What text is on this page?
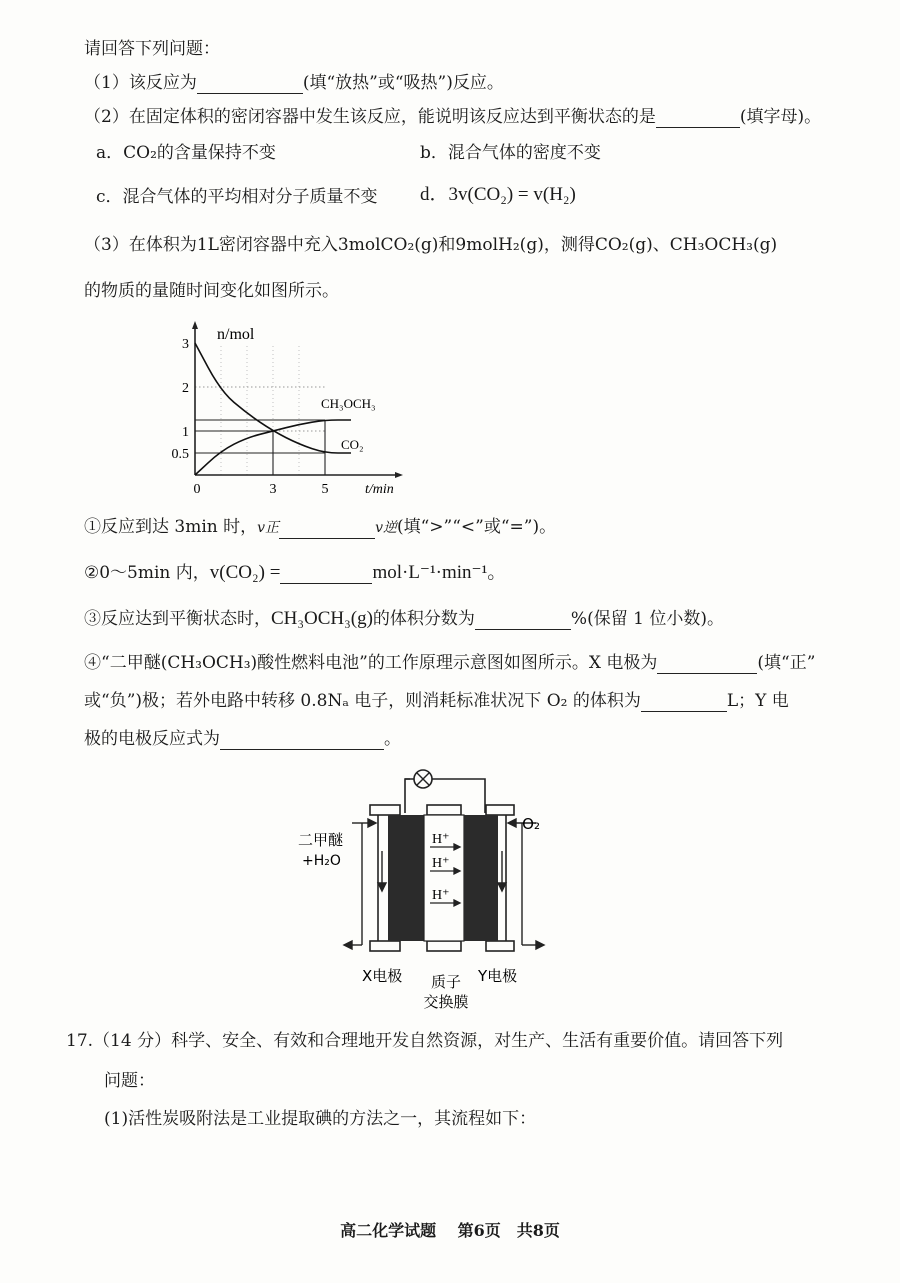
请回答下列问题：
（1）该反应为	(填“放热”或“吸热”)反应。
（2）在固定体积的密闭容器中发生该反应，能说明该反应达到平衡状态的是	(填字母)。
a．CO₂的含量保持不变	b．混合气体的密度不变
c．混合气体的平均相对分子质量不变 d．3v(CO₂) = v(H₂)
（3）在体积为1L密闭容器中充入3molCO₂(g)和9molH₂(g)，测得CO₂(g)、CH₃OCH₃(g)
的物质的量随时间变化如图所示。
CH₃OCH₃
CO₂
3
2
1
0.5
0	3	5
n/mol
t/min
①反应到达 3min 时，v正	v逆(填“>”“<”或“=”)。
②0～5min 内，v(CO₂) =	mol·L⁻¹·min⁻¹。
③反应达到平衡状态时，CH₃OCH₃(g)的体积分数为	%(保留 1 位小数)。
④“二甲醚(CH₃OCH₃)酸性燃料电池”的工作原理示意图如图所示。X 电极为	(填“正”
或“负”)极；若外电路中转移 0.8Nₐ 电子，则消耗标准状况下 O₂ 的体积为	L；Y 电
极的电极反应式为	。
H⁺
H⁺
H⁺
二甲醚
+H₂O
O₂
X电极 质子
交换膜
Y电极
17.（14 分）科学、安全、有效和合理地开发自然资源，对生产、生活有重要价值。请回答下列
问题：
(1)活性炭吸附法是工业提取碘的方法之一，其流程如下：
高二化学试题　 第6页　共8页
